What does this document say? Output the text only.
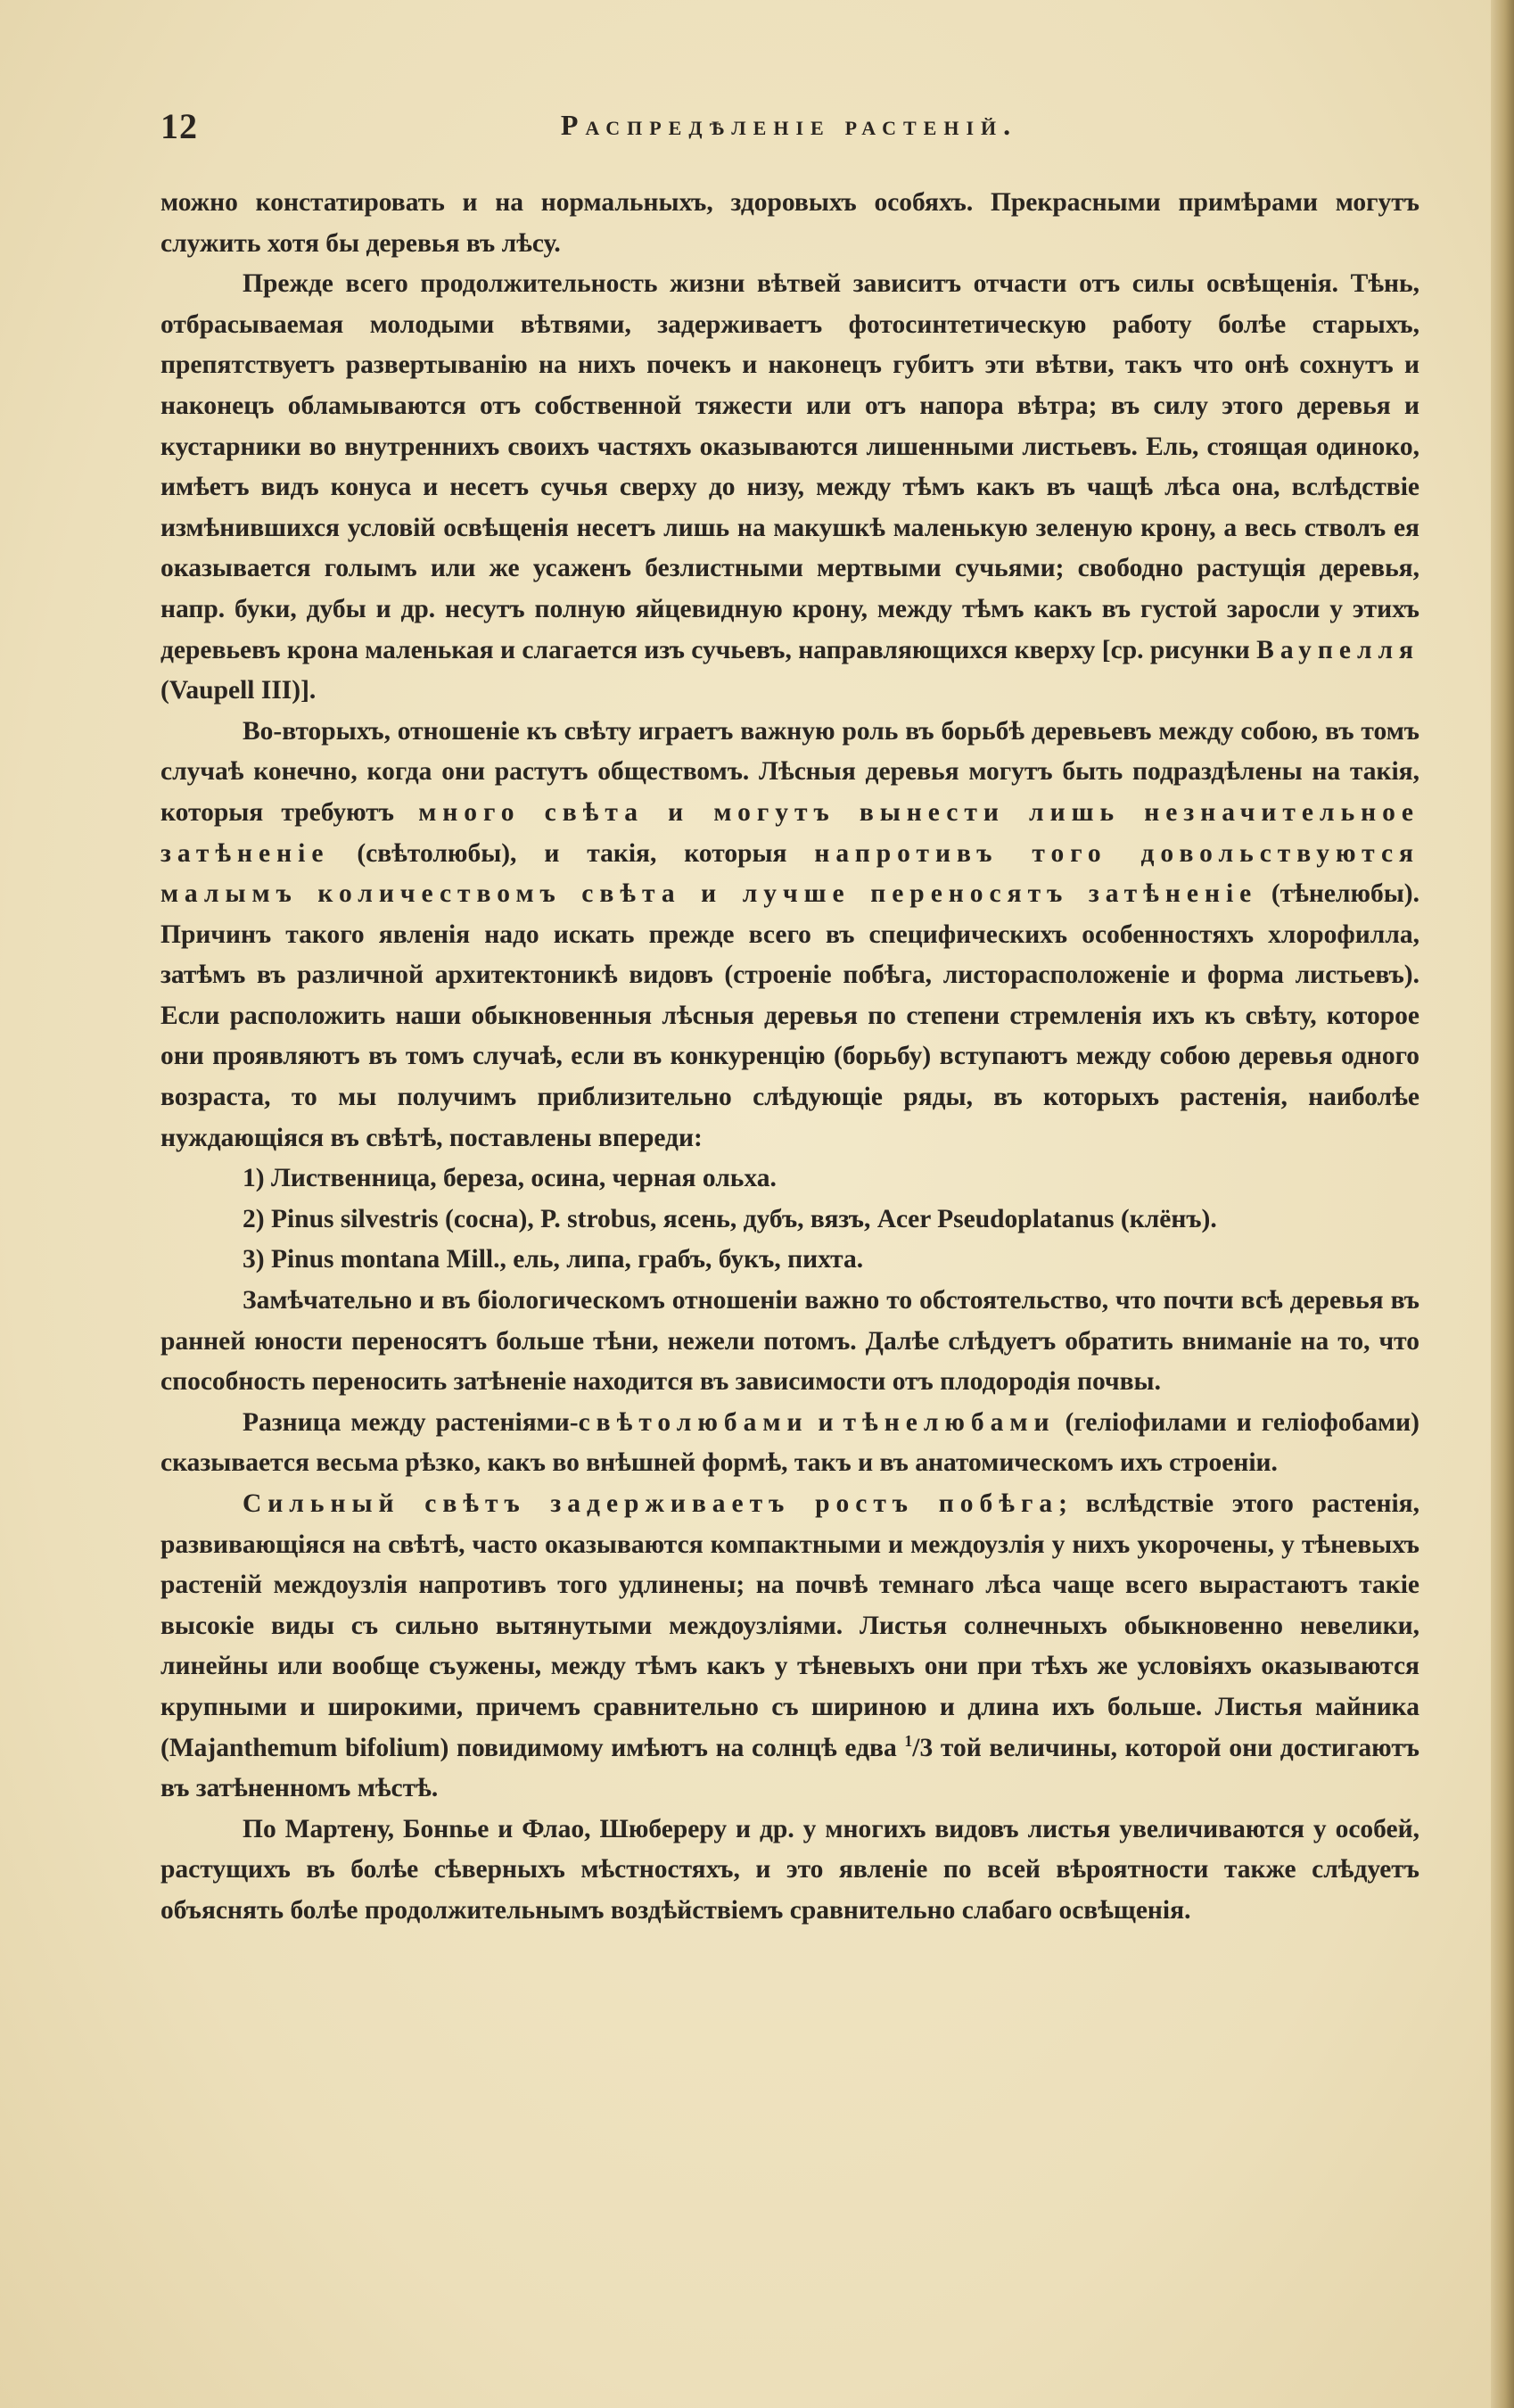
12	Распредѣленіе растеній.

можно констатировать и на нормальныхъ, здоровыхъ особяхъ. Прекрасными примѣрами могутъ служить хотя бы деревья въ лѣсу.

Прежде всего продолжительность жизни вѣтвей зависитъ отчасти отъ силы освѣщенія. Тѣнь, отбрасываемая молодыми вѣтвями, задерживаетъ фотосинтетическую работу болѣе старыхъ, препятствуетъ развертыванію на нихъ почекъ и наконецъ губитъ эти вѣтви, такъ что онѣ сохнутъ и наконецъ обламываются отъ собственной тяжести или отъ напора вѣтра; въ силу этого деревья и кустарники во внутреннихъ своихъ частяхъ оказываются лишенными листьевъ. Ель, стоящая одиноко, имѣетъ видъ конуса и несетъ сучья сверху до низу, между тѣмъ какъ въ чащѣ лѣса она, вслѣдствіе измѣнившихся условій освѣщенія несетъ лишь на макушкѣ маленькую зеленую крону, а весь стволъ ея оказывается голымъ или же усаженъ безлистными мертвыми сучьями; свободно растущія деревья, напр. буки, дубы и др. несутъ полную яйцевидную крону, между тѣмъ какъ въ густой заросли у этихъ деревьевъ крона маленькая и слагается изъ сучьевъ, направляющихся кверху [ср. рисунки Ваупелля (Vaupell III)].

Во-вторыхъ, отношеніе къ свѣту играетъ важную роль въ борьбѣ деревьевъ между собою, въ томъ случаѣ конечно, когда они растутъ обществомъ. Лѣсныя деревья могутъ быть подраздѣлены на такія, которыя требуютъ много свѣта и могутъ вынести лишь незначительное затѣненіе (свѣтолюбы), и такія, которыя напротивъ того довольствуются малымъ количествомъ свѣта и лучше переносятъ затѣненіе (тѣнелюбы). Причинъ такого явленія надо искать прежде всего въ специфическихъ особенностяхъ хлорофилла, затѣмъ въ различной архитектоникѣ видовъ (строеніе побѣга, листорасположеніе и форма листьевъ). Если расположить наши обыкновенныя лѣсныя деревья по степени стремленія ихъ къ свѣту, которое они проявляютъ въ томъ случаѣ, если въ конкуренцію (борьбу) вступаютъ между собою деревья одного возраста, то мы получимъ приблизительно слѣдующіе ряды, въ которыхъ растенія, наиболѣе нуждающіяся въ свѣтѣ, поставлены впереди:

1) Лиственница, береза, осина, черная ольха.

2) Pinus silvestris (сосна), P. strobus, ясень, дубъ, вязъ, Acer Pseudoplatanus (клёнъ).

3) Pinus montana Mill., ель, липа, грабъ, букъ, пихта.

Замѣчательно и въ біологическомъ отношеніи важно то обстоятельство, что почти всѣ деревья въ ранней юности переносятъ больше тѣни, нежели потомъ. Далѣе слѣдуетъ обратить вниманіе на то, что способность переносить затѣненіе находится въ зависимости отъ плодородія почвы.

Разница между растеніями-свѣтолюбами и тѣнелюбами (геліофилами и геліофобами) сказывается весьма рѣзко, какъ во внѣшней формѣ, такъ и въ анатомическомъ ихъ строеніи.

Сильный свѣтъ задерживаетъ ростъ побѣга; вслѣдствіе этого растенія, развивающіяся на свѣтѣ, часто оказываются компактными и междоузлія у нихъ укорочены, у тѣневыхъ растеній междоузлія напротивъ того удлинены; на почвѣ темнаго лѣса чаще всего вырастаютъ такіе высокіе виды съ сильно вытянутыми междоузліями. Листья солнечныхъ обыкновенно невелики, линейны или вообще съужены, между тѣмъ какъ у тѣневыхъ они при тѣхъ же условіяхъ оказываются крупными и широкими, причемъ сравнительно съ шириною и длина ихъ больше. Листья майника (Majanthemum bifolium) повидимому имѣютъ на солнцѣ едва $^1$/3 той величины, которой они достигаютъ въ затѣненномъ мѣстѣ.

По Мартену, Бонnье и Флао, Шюбереру и др. у многихъ видовъ листья увеличиваются у особей, растущихъ въ болѣе сѣверныхъ мѣстностяхъ, и это явленіе по всей вѣроятности также слѣдуетъ объяснять болѣе продолжительнымъ воздѣйствіемъ сравнительно слабаго освѣщенія.
